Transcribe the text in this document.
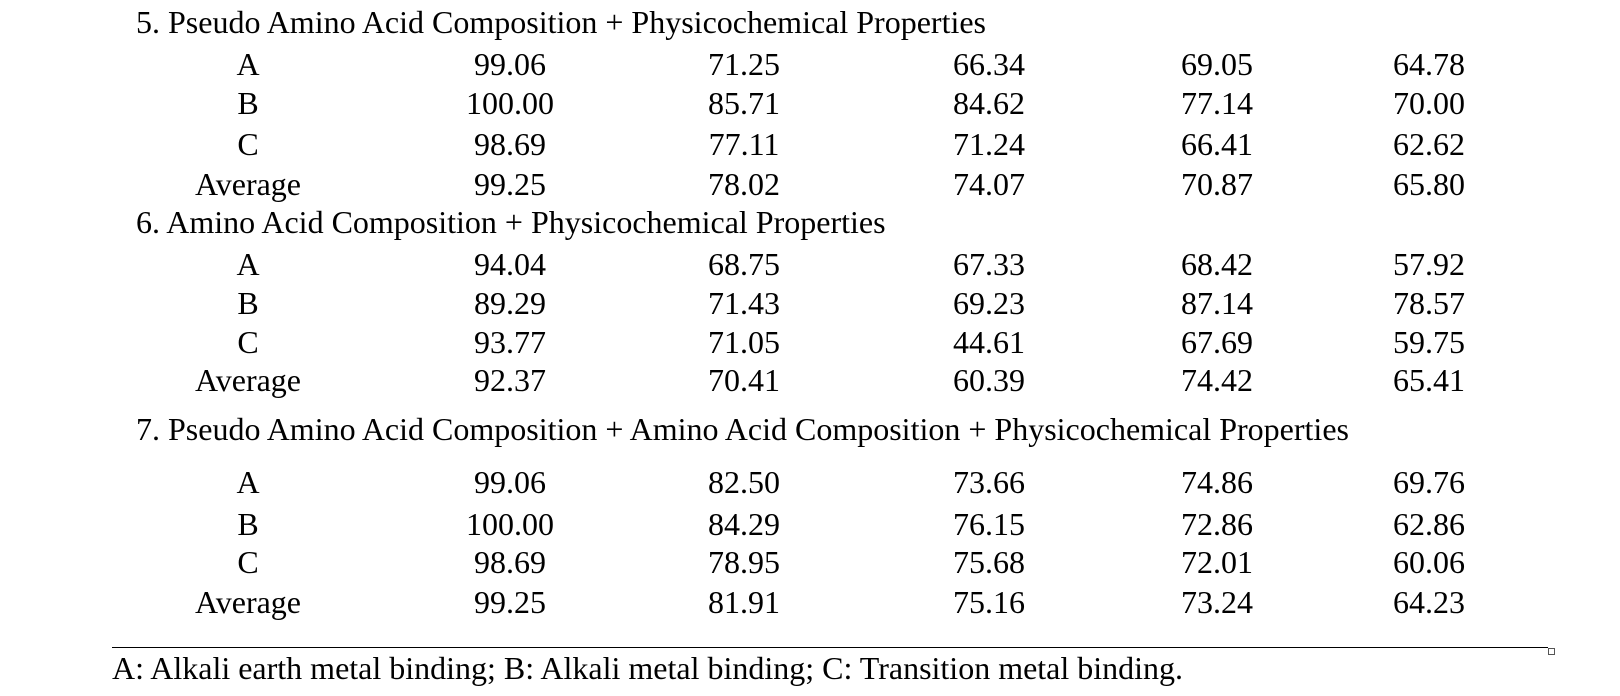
5. Pseudo Amino Acid Composition + Physicochemical Properties
A	99.06	71.25	66.34	69.05	64.78
B	100.00	85.71	84.62	77.14	70.00
C	98.69	77.11	71.24	66.41	62.62
Average	99.25	78.02	74.07	70.87	65.80
6. Amino Acid Composition + Physicochemical Properties
A	94.04	68.75	67.33	68.42	57.92
B	89.29	71.43	69.23	87.14	78.57
C	93.77	71.05	44.61	67.69	59.75
Average	92.37	70.41	60.39	74.42	65.41
7. Pseudo Amino Acid Composition + Amino Acid Composition + Physicochemical Properties
A	99.06	82.50	73.66	74.86	69.76
B	100.00	84.29	76.15	72.86	62.86
C	98.69	78.95	75.68	72.01	60.06
Average	99.25	81.91	75.16	73.24	64.23
A: Alkali earth metal binding; B: Alkali metal binding; C: Transition metal binding.
